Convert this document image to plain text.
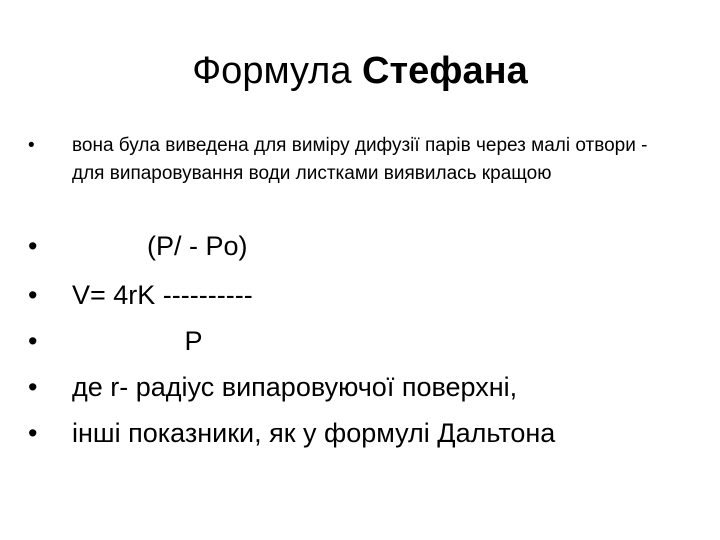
Формула Стефана
•	вона була виведена для виміру дифузії парів через малі отвори - для випаровування води листками виявилась кращою
•	(P/ - Po)
•	V= 4rK ----------
•	P
•	де r- радіус випаровуючої поверхні,
•	інші показники, як у формулі Дальтона
